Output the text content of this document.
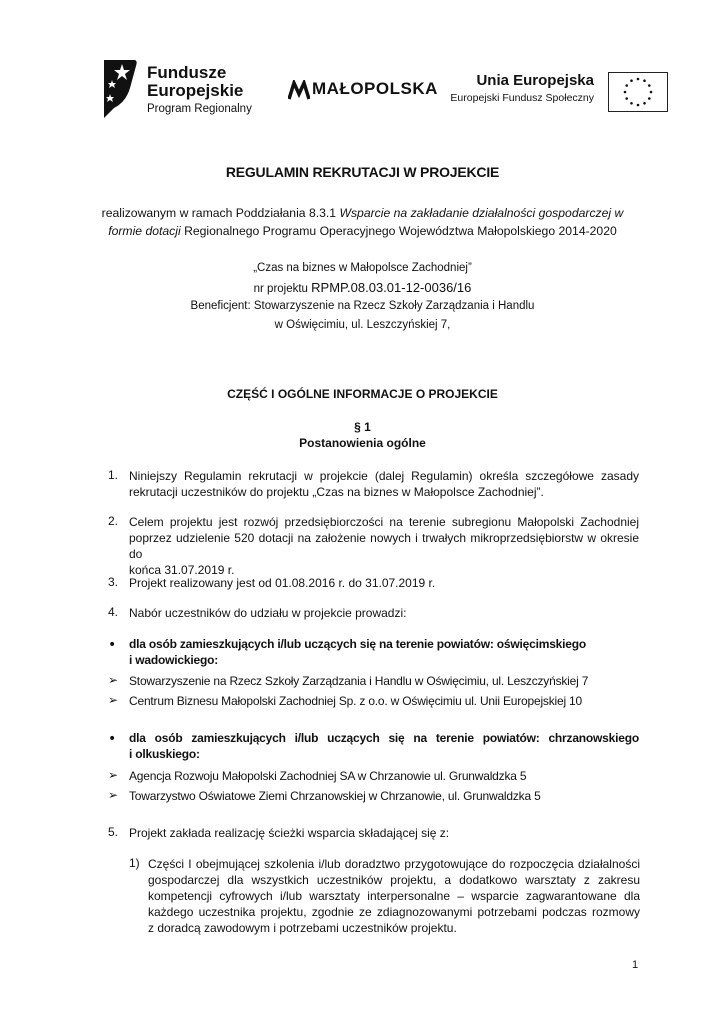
Fundusze
Europejskie
Program Regionalny
MAŁOPOLSKA	Unia Europejska
Europejski Fundusz Społeczny
REGULAMIN REKRUTACJI W PROJEKCIE
realizowanym w ramach Poddziałania 8.3.1 Wsparcie na zakładanie działalności gospodarczej w
formie dotacji Regionalnego Programu Operacyjnego Województwa Małopolskiego 2014-2020
„Czas na biznes w Małopolsce Zachodniej”
nr projektu RPMP.08.03.01-12-0036/16
Beneficjent: Stowarzyszenie na Rzecz Szkoły Zarządzania i Handlu
w Oświęcimiu, ul. Leszczyńskiej 7,
CZĘŚĆ I OGÓLNE INFORMACJE O PROJEKCIE
§ 1
Postanowienia ogólne
1. Niniejszy Regulamin rekrutacji w projekcie (dalej Regulamin) określa szczegółowe zasady
rekrutacji uczestników do projektu „Czas na biznes w Małopolsce Zachodniej”.
2. Celem projektu jest rozwój przedsiębiorczości na terenie subregionu Małopolski Zachodniej
poprzez udzielenie 520 dotacji na założenie nowych i trwałych mikroprzedsiębiorstw w okresie do
końca 31.07.2019 r.
3. Projekt realizowany jest od 01.08.2016 r. do 31.07.2019 r.
4. Nabór uczestników do udziału w projekcie prowadzi:
• dla osób zamieszkujących i/lub uczących się na terenie powiatów: oświęcimskiego
i wadowickiego:
➢ Stowarzyszenie na Rzecz Szkoły Zarządzania i Handlu w Oświęcimiu, ul. Leszczyńskiej 7
➢ Centrum Biznesu Małopolski Zachodniej Sp. z o.o. w Oświęcimiu ul. Unii Europejskiej 10
• dla osób zamieszkujących i/lub uczących się na terenie powiatów: chrzanowskiego
i olkuskiego:
➢ Agencja Rozwoju Małopolski Zachodniej SA w Chrzanowie ul. Grunwaldzka 5
➢ Towarzystwo Oświatowe Ziemi Chrzanowskiej w Chrzanowie, ul. Grunwaldzka 5
5. Projekt zakłada realizację ścieżki wsparcia składającej się z:
1) Części I obejmującej szkolenia i/lub doradztwo przygotowujące do rozpoczęcia działalności
gospodarczej dla wszystkich uczestników projektu, a dodatkowo warsztaty z zakresu
kompetencji cyfrowych i/lub warsztaty interpersonalne – wsparcie zagwarantowane dla
każdego uczestnika projektu, zgodnie ze zdiagnozowanymi potrzebami podczas rozmowy
z doradcą zawodowym i potrzebami uczestników projektu.
1
